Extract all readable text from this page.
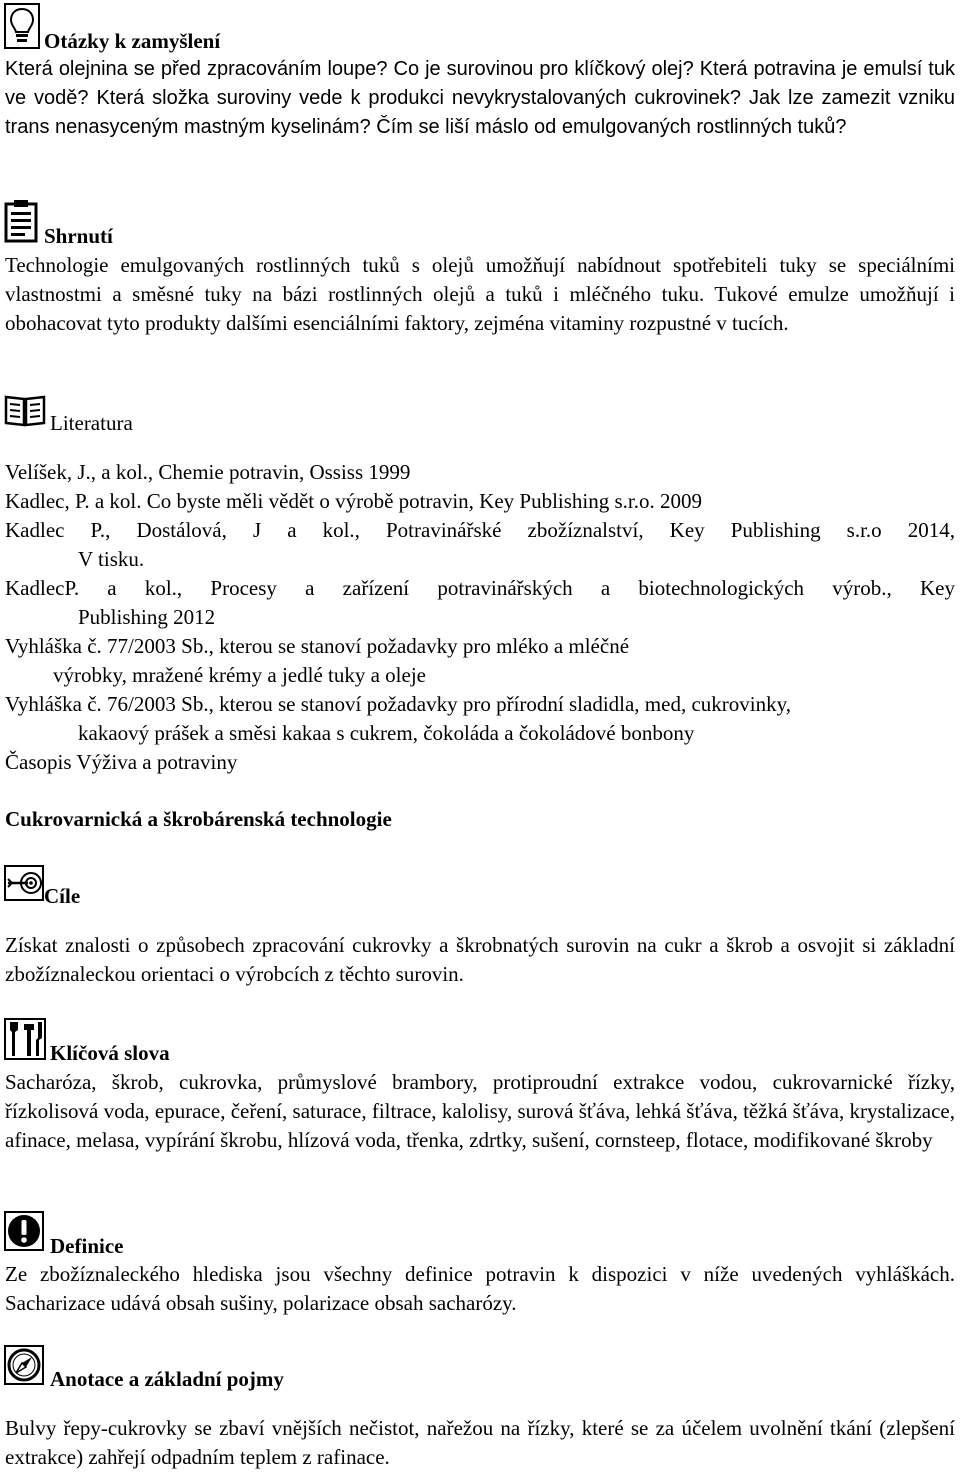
Otázky k zamyšlení

Která olejnina se před zpracováním loupe? Co je surovinou pro klíčkový olej? Která potravina je emulsí tuk ve vodě? Která složka suroviny vede k produkci nevykrystalovaných cukrovinek? Jak lze zamezit vzniku trans nenasyceným mastným kyselinám? Čím se liší máslo od emulgovaných rostlinných tuků?

Shrnutí

Technologie emulgovaných rostlinných tuků s olejů umožňují nabídnout spotřebiteli tuky se speciálními vlastnostmi a směsné tuky na bázi rostlinných olejů a tuků i mléčného tuku. Tukové emulze umožňují i obohacovat tyto produkty dalšími esenciálními faktory, zejména vitaminy rozpustné v tucích.

Literatura
Velíšek, J., a kol., Chemie potravin, Ossiss 1999
Kadlec, P. a kol. Co byste měli vědět o výrobě potravin, Key Publishing s.r.o. 2009
Kadlec P., Dostálová, J a kol., Potravinářské zbožíznalství, Key Publishing s.r.o 2014,
V tisku.
KadlecP. a kol., Procesy a zařízení potravinářských a biotechnologických výrob., Key
Publishing 2012
Vyhláška č. 77/2003 Sb., kterou se stanoví požadavky pro mléko a mléčné
výrobky, mražené krémy a jedlé tuky a oleje
Vyhláška č. 76/2003 Sb., kterou se stanoví požadavky pro přírodní sladidla, med, cukrovinky,
kakaový prášek a směsi kakaa s cukrem, čokoláda a čokoládové bonbony
Časopis Výživa a potraviny
Cukrovarnická a škrobárenská technologie
Cíle

Získat znalosti o způsobech zpracování cukrovky a škrobnatých surovin na cukr a škrob a osvojit si základní zbožíznaleckou orientaci o výrobcích z těchto surovin.

Klíčová slova

Sacharóza, škrob, cukrovka, průmyslové brambory, protiproudní extrakce vodou, cukrovarnické řízky, řízkolisová voda, epurace, čeření, saturace, filtrace, kalolisy, surová šťáva, lehká šťáva, těžká šťáva, krystalizace, afinace, melasa, vypírání škrobu, hlízová voda, třenka, zdrtky, sušení, cornsteep, flotace, modifikované škroby

Definice

Ze zbožíznaleckého hlediska jsou všechny definice potravin k dispozici v níže uvedených vyhláškách. Sacharizace udává obsah sušiny, polarizace obsah sacharózy.

Anotace a základní pojmy

Bulvy řepy-cukrovky se zbaví vnějších nečistot, nařežou na řízky, které se za účelem uvolnění tkání (zlepšení extrakce) zahřejí odpadním teplem z rafinace.
